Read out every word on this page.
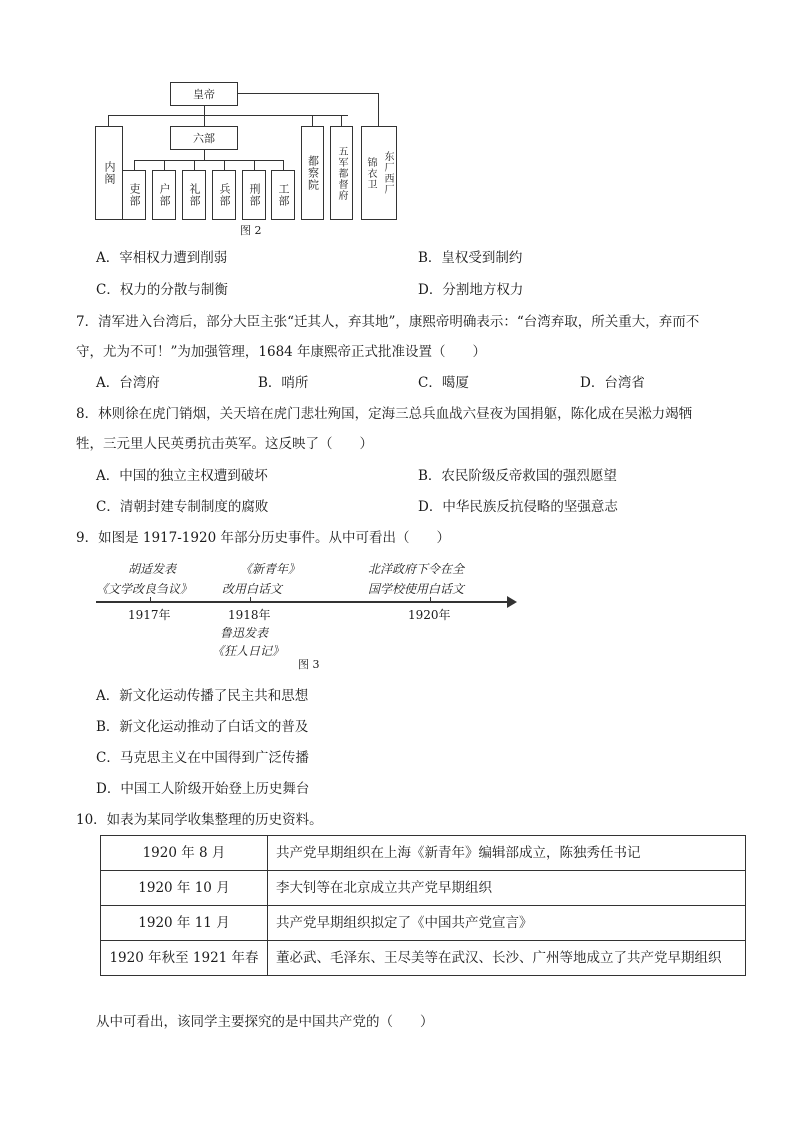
皇帝
六部
内阁
吏部	户部	礼部	兵部	刑部	工部
都察院	五军都督府	锦衣卫 东厂西厂
图 2
A．宰相权力遭到削弱	B．皇权受到制约
C．权力的分散与制衡	D．分割地方权力
7．清军进入台湾后，部分大臣主张“迁其人，弃其地”，康熙帝明确表示：“台湾弃取，所关重大，弃而不
守，尤为不可！”为加强管理，1684 年康熙帝正式批准设置（　　）
A．台湾府	B．哨所	C．噶厦	D．台湾省
8．林则徐在虎门销烟，关天培在虎门悲壮殉国，定海三总兵血战六昼夜为国捐躯，陈化成在吴淞力竭牺
牲，三元里人民英勇抗击英军。这反映了（　　）
A．中国的独立主权遭到破坏	B．农民阶级反帝救国的强烈愿望
C．清朝封建专制制度的腐败	D．中华民族反抗侵略的坚强意志
9．如图是 1917-1920 年部分历史事件。从中可看出（　　）
胡适发表
《文学改良刍议》
《新青年》
改用白话文
北洋政府下令在全
国学校使用白话文
1917年	1918年	1920年
鲁迅发表
《狂人日记》
图 3
A．新文化运动传播了民主共和思想
B．新文化运动推动了白话文的普及
C．马克思主义在中国得到广泛传播
D．中国工人阶级开始登上历史舞台
10．如表为某同学收集整理的历史资料。
1920 年 8 月	共产党早期组织在上海《新青年》编辑部成立，陈独秀任书记
1920 年 10 月	李大钊等在北京成立共产党早期组织
1920 年 11 月	共产党早期组织拟定了《中国共产党宣言》
1920 年秋至 1921 年春	董必武、毛泽东、王尽美等在武汉、长沙、广州等地成立了共产党早期组织
从中可看出，该同学主要探究的是中国共产党的（　　）
